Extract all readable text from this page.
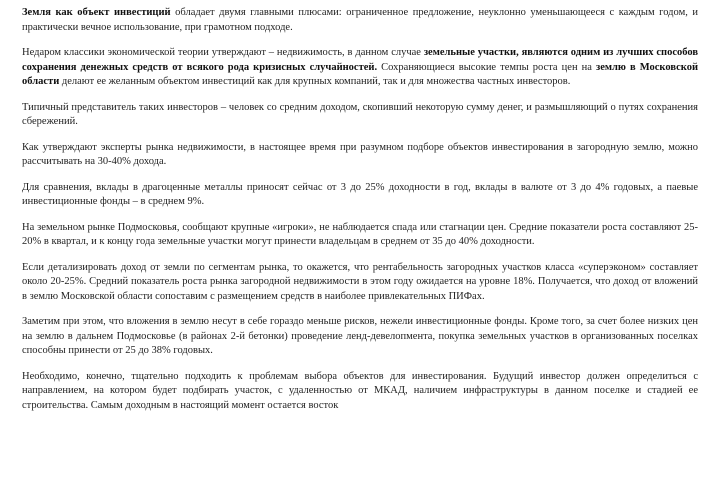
Земля как объект инвестиций обладает двумя главными плюсами: ограниченное предложение, неуклонно уменьшающееся с каждым годом, и практически вечное использование, при грамотном подходе.

Недаром классики экономической теории утверждают – недвижимость, в данном случае земельные участки, являются одним из лучших способов сохранения денежных средств от всякого рода кризисных случайностей. Сохраняющиеся высокие темпы роста цен на землю в Московской области делают ее желанным объектом инвестиций как для крупных компаний, так и для множества частных инвесторов.

Типичный представитель таких инвесторов – человек со средним доходом, скопивший некоторую сумму денег, и размышляющий о путях сохранения сбережений.

Как утверждают эксперты рынка недвижимости, в настоящее время при разумном подборе объектов инвестирования в загородную землю, можно рассчитывать на 30-40% дохода.

Для сравнения, вклады в драгоценные металлы приносят сейчас от 3 до 25% доходности в год, вклады в валюте от 3 до 4% годовых, а паевые инвестиционные фонды – в среднем 9%.

На земельном рынке Подмосковья, сообщают крупные «игроки», не наблюдается спада или стагнации цен. Средние показатели роста составляют 25-20% в квартал, и к концу года земельные участки могут принести владельцам в среднем от 35 до 40% доходности.

Если детализировать доход от земли по сегментам рынка, то окажется, что рентабельность загородных участков класса «суперэконом» составляет около 20-25%. Средний показатель роста рынка загородной недвижимости в этом году ожидается на уровне 18%. Получается, что доход от вложений в землю Московской области сопоставим с размещением средств в наиболее привлекательных ПИФах.

Заметим при этом, что вложения в землю несут в себе гораздо меньше рисков, нежели инвестиционные фонды. Кроме того, за счет более низких цен на землю в дальнем Подмосковье (в районах 2-й бетонки) проведение ленд-девелопмента, покупка земельных участков в организованных поселках способны принести от 25 до 38% годовых.

Необходимо, конечно, тщательно подходить к проблемам выбора объектов для инвестирования. Будущий инвестор должен определиться с направлением, на котором будет подбирать участок, с удаленностью от МКАД, наличием инфраструктуры в данном поселке и стадией ее строительства. Самым доходным в настоящий момент остается восток
